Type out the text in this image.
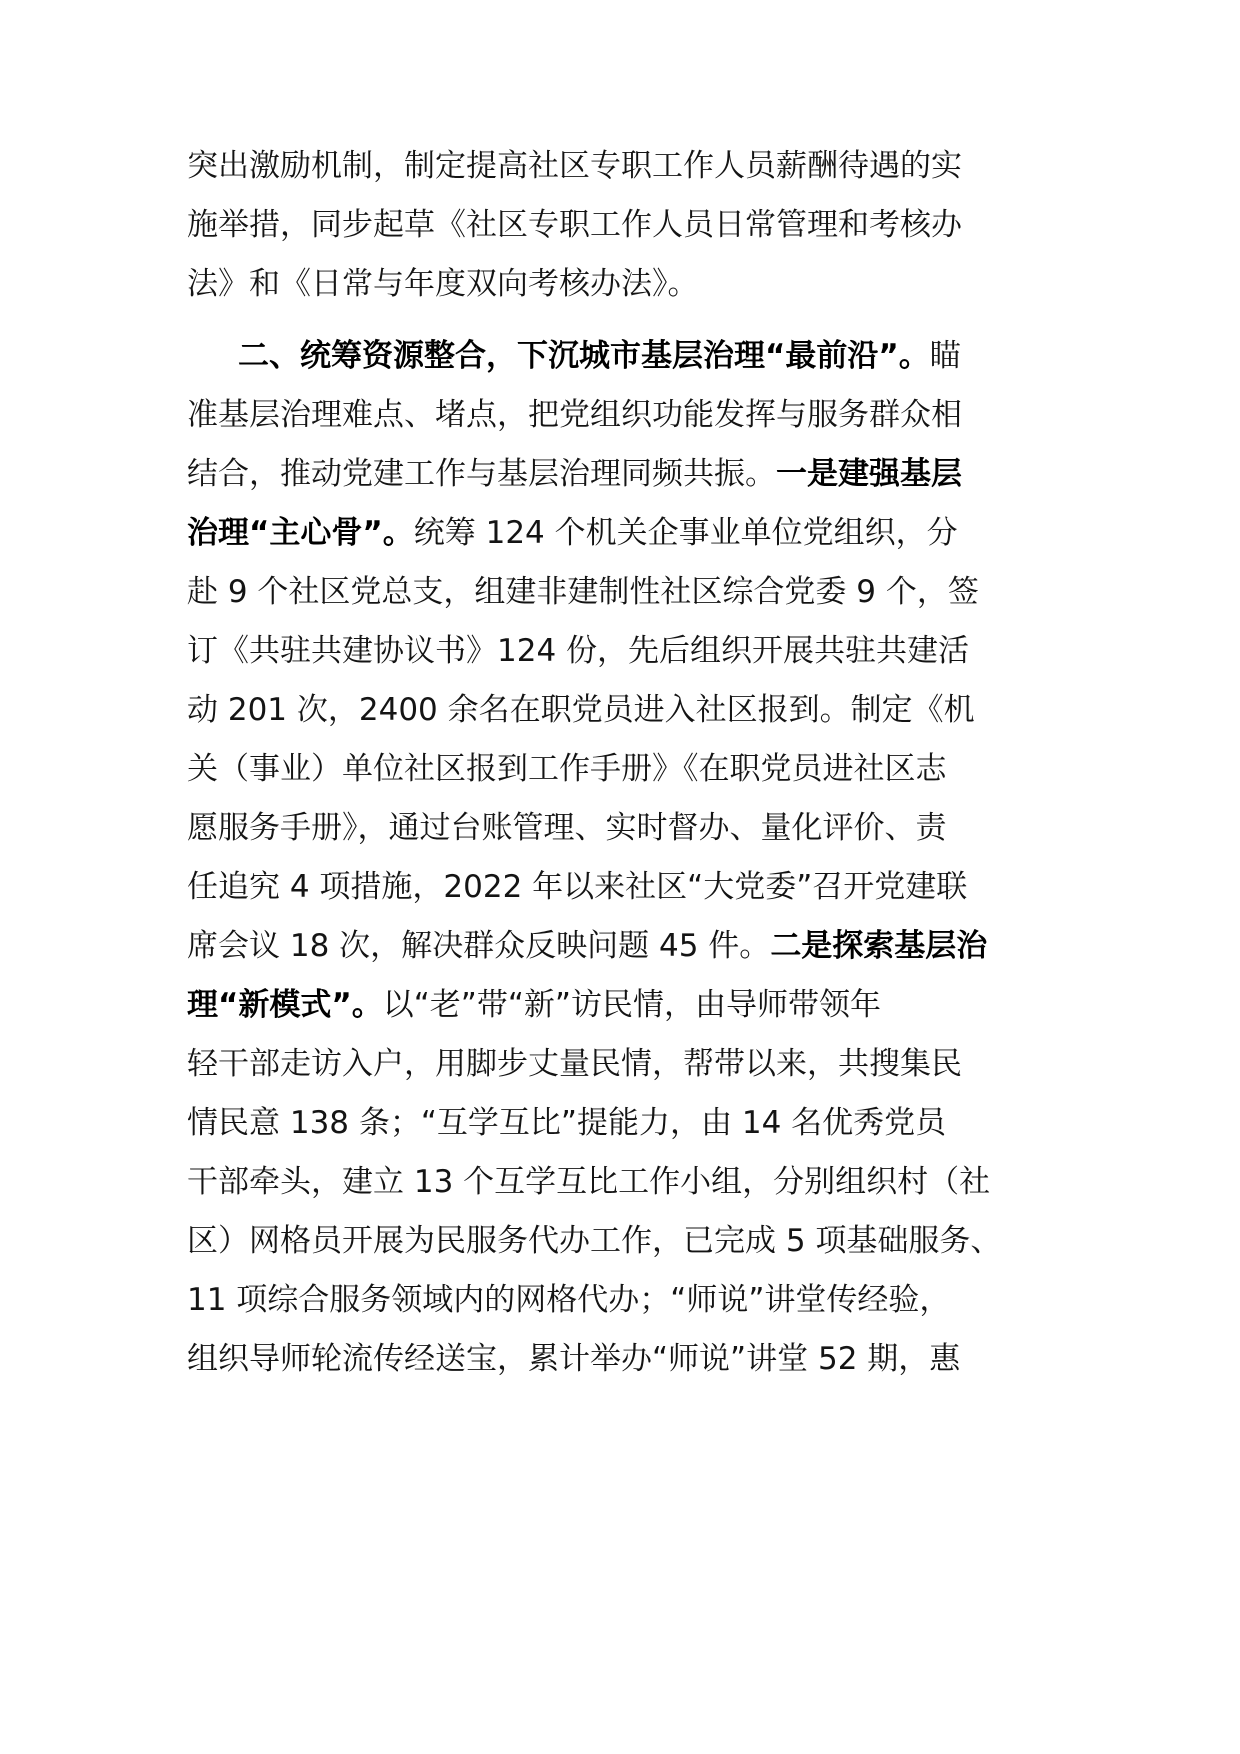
突出激励机制，制定提高社区专职工作人员薪酬待遇的实
施举措，同步起草《社区专职工作人员日常管理和考核办
法》和《日常与年度双向考核办法》。
二、统筹资源整合，下沉城市基层治理“最前沿”。瞄
准基层治理难点、堵点，把党组织功能发挥与服务群众相
结合，推动党建工作与基层治理同频共振。一是建强基层
治理“主心骨”。统筹 124 个机关企事业单位党组织，分
赴 9 个社区党总支，组建非建制性社区综合党委 9 个，签
订《共驻共建协议书》124 份，先后组织开展共驻共建活
动 201 次，2400 余名在职党员进入社区报到。制定《机
关（事业）单位社区报到工作手册》《在职党员进社区志
愿服务手册》，通过台账管理、实时督办、量化评价、责
任追究 4 项措施，2022 年以来社区“大党委”召开党建联
席会议 18 次，解决群众反映问题 45 件。二是探索基层治
理“新模式”。以“老”带“新”访民情，由导师带领年
轻干部走访入户，用脚步丈量民情，帮带以来，共搜集民
情民意 138 条；“互学互比”提能力，由 14 名优秀党员
干部牵头，建立 13 个互学互比工作小组，分别组织村（社
区）网格员开展为民服务代办工作，已完成 5 项基础服务、
11 项综合服务领域内的网格代办；“师说”讲堂传经验，
组织导师轮流传经送宝，累计举办“师说”讲堂 52 期，惠
